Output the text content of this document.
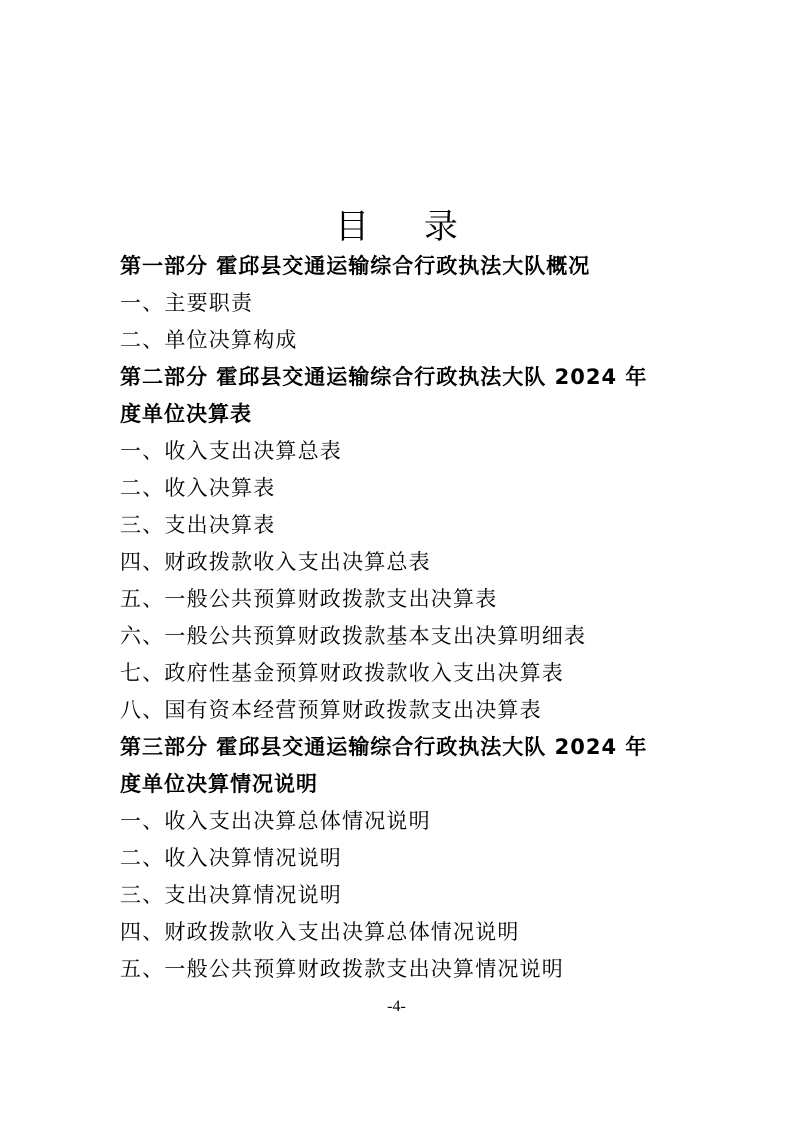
目 录
第一部分 霍邱县交通运输综合行政执法大队概况
一、主要职责
二、单位决算构成
第二部分 霍邱县交通运输综合行政执法大队 2024 年
度单位决算表
一、收入支出决算总表
二、收入决算表
三、支出决算表
四、财政拨款收入支出决算总表
五、一般公共预算财政拨款支出决算表
六、一般公共预算财政拨款基本支出决算明细表
七、政府性基金预算财政拨款收入支出决算表
八、国有资本经营预算财政拨款支出决算表
第三部分 霍邱县交通运输综合行政执法大队 2024 年
度单位决算情况说明
一、收入支出决算总体情况说明
二、收入决算情况说明
三、支出决算情况说明
四、财政拨款收入支出决算总体情况说明
五、一般公共预算财政拨款支出决算情况说明
-4-
